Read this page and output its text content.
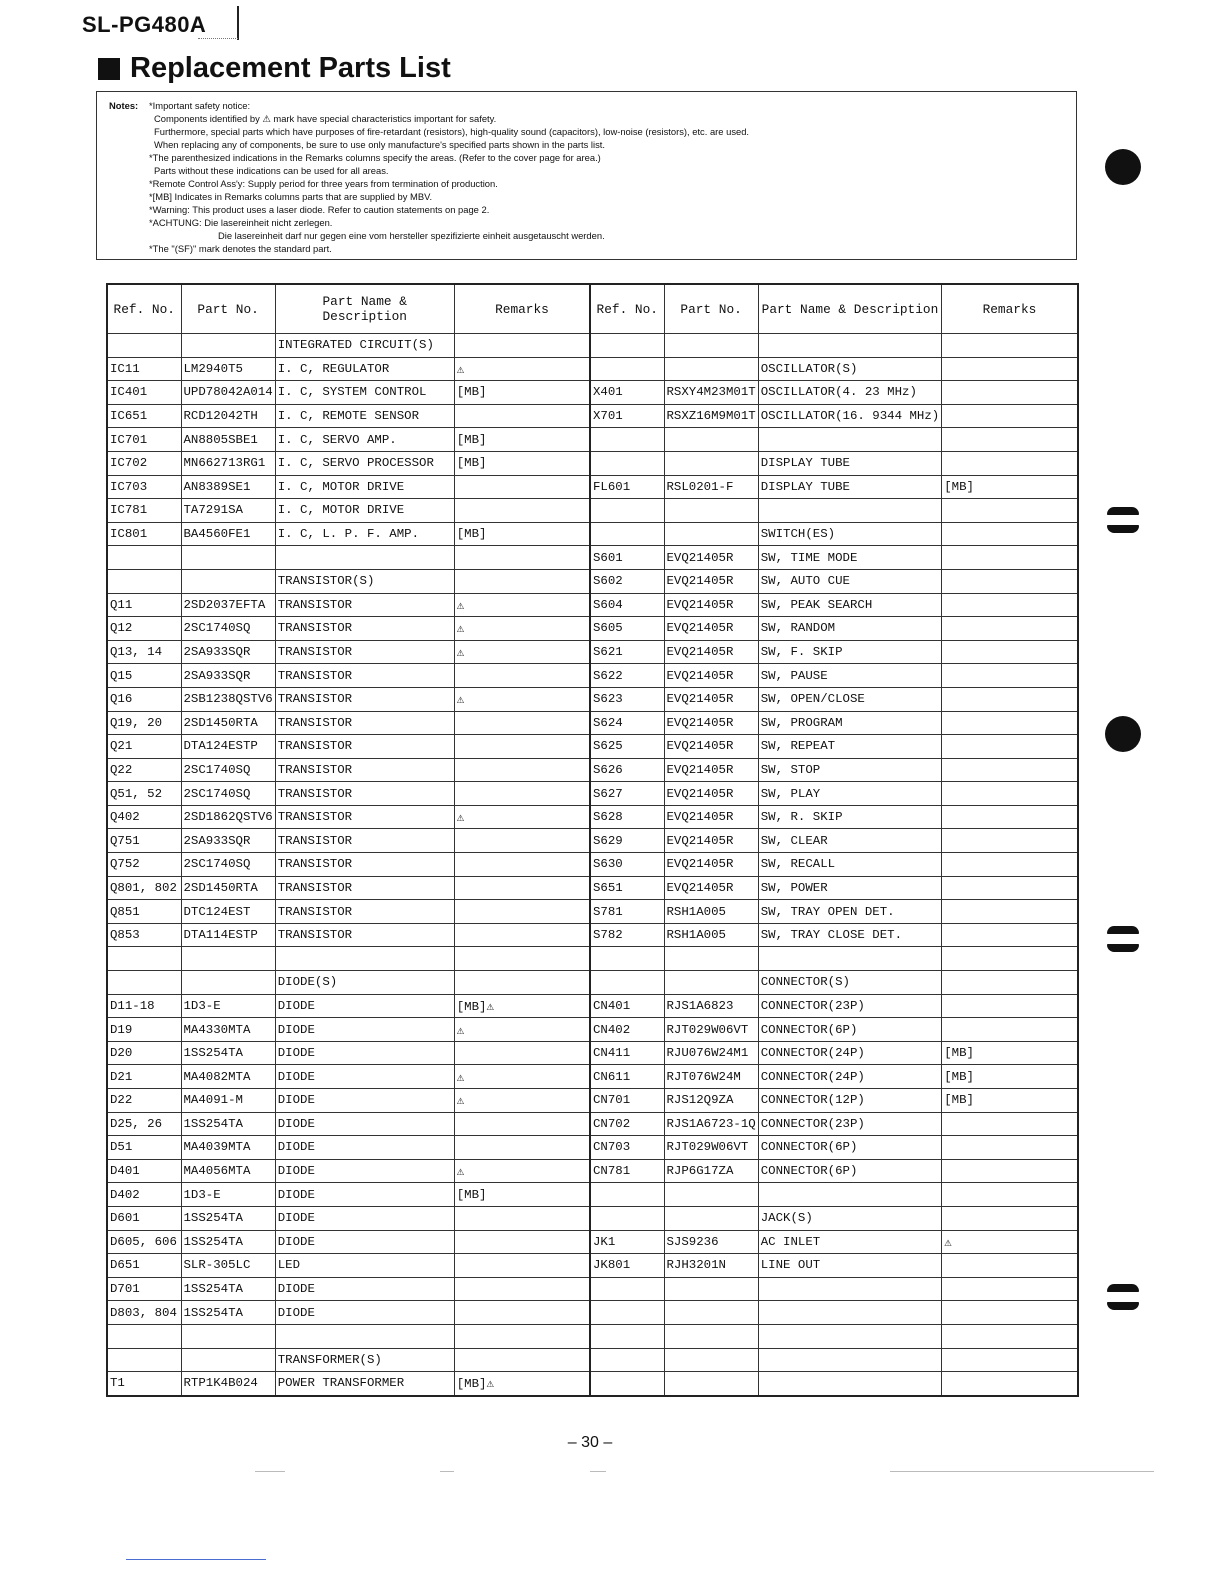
SL-PG480A
Replacement Parts List
Notes: *Important safety notice:
Components identified by ⚠ mark have special characteristics important for safety.
Furthermore, special parts which have purposes of fire-retardant (resistors), high-quality sound (capacitors), low-noise (resistors), etc. are used.
When replacing any of components, be sure to use only manufacture's specified parts shown in the parts list.
*The parenthesized indications in the Remarks columns specify the areas. (Refer to the cover page for area.)
Parts without these indications can be used for all areas.
*Remote Control Ass'y: Supply period for three years from termination of production.
*[MB] Indicates in Remarks columns parts that are supplied by MBV.
*Warning: This product uses a laser diode. Refer to caution statements on page 2.
*ACHTUNG: Die lasereinheit nicht zerlegen.
Die lasereinheit darf nur gegen eine vom hersteller spezifizierte einheit ausgetauscht werden.
*The "(SF)" mark denotes the standard part.
Ref. No.	Part No.	Part Name & Description	Remarks
		INTEGRATED CIRCUIT(S)	
IC11	LM2940T5	I. C, REGULATOR	⚠
IC401	UPD78042A014	I. C, SYSTEM CONTROL	[MB]
IC651	RCD12042TH	I. C, REMOTE SENSOR	
IC701	AN8805SBE1	I. C, SERVO AMP.	[MB]
IC702	MN662713RG1	I. C, SERVO PROCESSOR	[MB]
IC703	AN8389SE1	I. C, MOTOR DRIVE	
IC781	TA7291SA	I. C, MOTOR DRIVE	
IC801	BA4560FE1	I. C, L. P. F. AMP.	[MB]

		TRANSISTOR(S)	
Q11	2SD2037EFTA	TRANSISTOR	⚠
Q12	2SC1740SQ	TRANSISTOR	⚠
Q13, 14	2SA933SQR	TRANSISTOR	⚠
Q15	2SA933SQR	TRANSISTOR	
Q16	2SB1238QSTV6	TRANSISTOR	⚠
Q19, 20	2SD1450RTA	TRANSISTOR	
Q21	DTA124ESTP	TRANSISTOR	
Q22	2SC1740SQ	TRANSISTOR	
Q51, 52	2SC1740SQ	TRANSISTOR	
Q402	2SD1862QSTV6	TRANSISTOR	⚠
Q751	2SA933SQR	TRANSISTOR	
Q752	2SC1740SQ	TRANSISTOR	
Q801, 802	2SD1450RTA	TRANSISTOR	
Q851	DTC124EST	TRANSISTOR	
Q853	DTA114ESTP	TRANSISTOR	

		DIODE(S)	
D11-18	1D3-E	DIODE	[MB]⚠
D19	MA4330MTA	DIODE	⚠
D20	1SS254TA	DIODE	
D21	MA4082MTA	DIODE	⚠
D22	MA4091-M	DIODE	⚠
D25, 26	1SS254TA	DIODE	
D51	MA4039MTA	DIODE	
D401	MA4056MTA	DIODE	⚠
D402	1D3-E	DIODE	[MB]
D601	1SS254TA	DIODE	
D605, 606	1SS254TA	DIODE	
D651	SLR-305LC	LED	
D701	1SS254TA	DIODE	
D803, 804	1SS254TA	DIODE	

		TRANSFORMER(S)	
T1	RTP1K4B024	POWER TRANSFORMER	[MB]⚠
Ref. No.	Part No.	Part Name & Description	Remarks

		OSCILLATOR(S)	
X401	RSXY4M23M01T	OSCILLATOR(4. 23 MHz)	
X701	RSXZ16M9M01T	OSCILLATOR(16. 9344 MHz)	

		DISPLAY TUBE	
FL601	RSL0201-F	DISPLAY TUBE	[MB]

		SWITCH(ES)	
S601	EVQ21405R	SW, TIME MODE	
S602	EVQ21405R	SW, AUTO CUE	
S604	EVQ21405R	SW, PEAK SEARCH	
S605	EVQ21405R	SW, RANDOM	
S621	EVQ21405R	SW, F. SKIP	
S622	EVQ21405R	SW, PAUSE	
S623	EVQ21405R	SW, OPEN/CLOSE	
S624	EVQ21405R	SW, PROGRAM	
S625	EVQ21405R	SW, REPEAT	
S626	EVQ21405R	SW, STOP	
S627	EVQ21405R	SW, PLAY	
S628	EVQ21405R	SW, R. SKIP	
S629	EVQ21405R	SW, CLEAR	
S630	EVQ21405R	SW, RECALL	
S651	EVQ21405R	SW, POWER	
S781	RSH1A005	SW, TRAY OPEN DET.	
S782	RSH1A005	SW, TRAY CLOSE DET.	

		CONNECTOR(S)	
CN401	RJS1A6823	CONNECTOR(23P)	
CN402	RJT029W06VT	CONNECTOR(6P)	
CN411	RJU076W24M1	CONNECTOR(24P)	[MB]
CN611	RJT076W24M	CONNECTOR(24P)	[MB]
CN701	RJS12Q9ZA	CONNECTOR(12P)	[MB]
CN702	RJS1A6723-1Q	CONNECTOR(23P)	
CN703	RJT029W06VT	CONNECTOR(6P)	
CN781	RJP6G17ZA	CONNECTOR(6P)	

		JACK(S)	
JK1	SJS9236	AC INLET	⚠
JK801	RJH3201N	LINE OUT	

– 30 –
